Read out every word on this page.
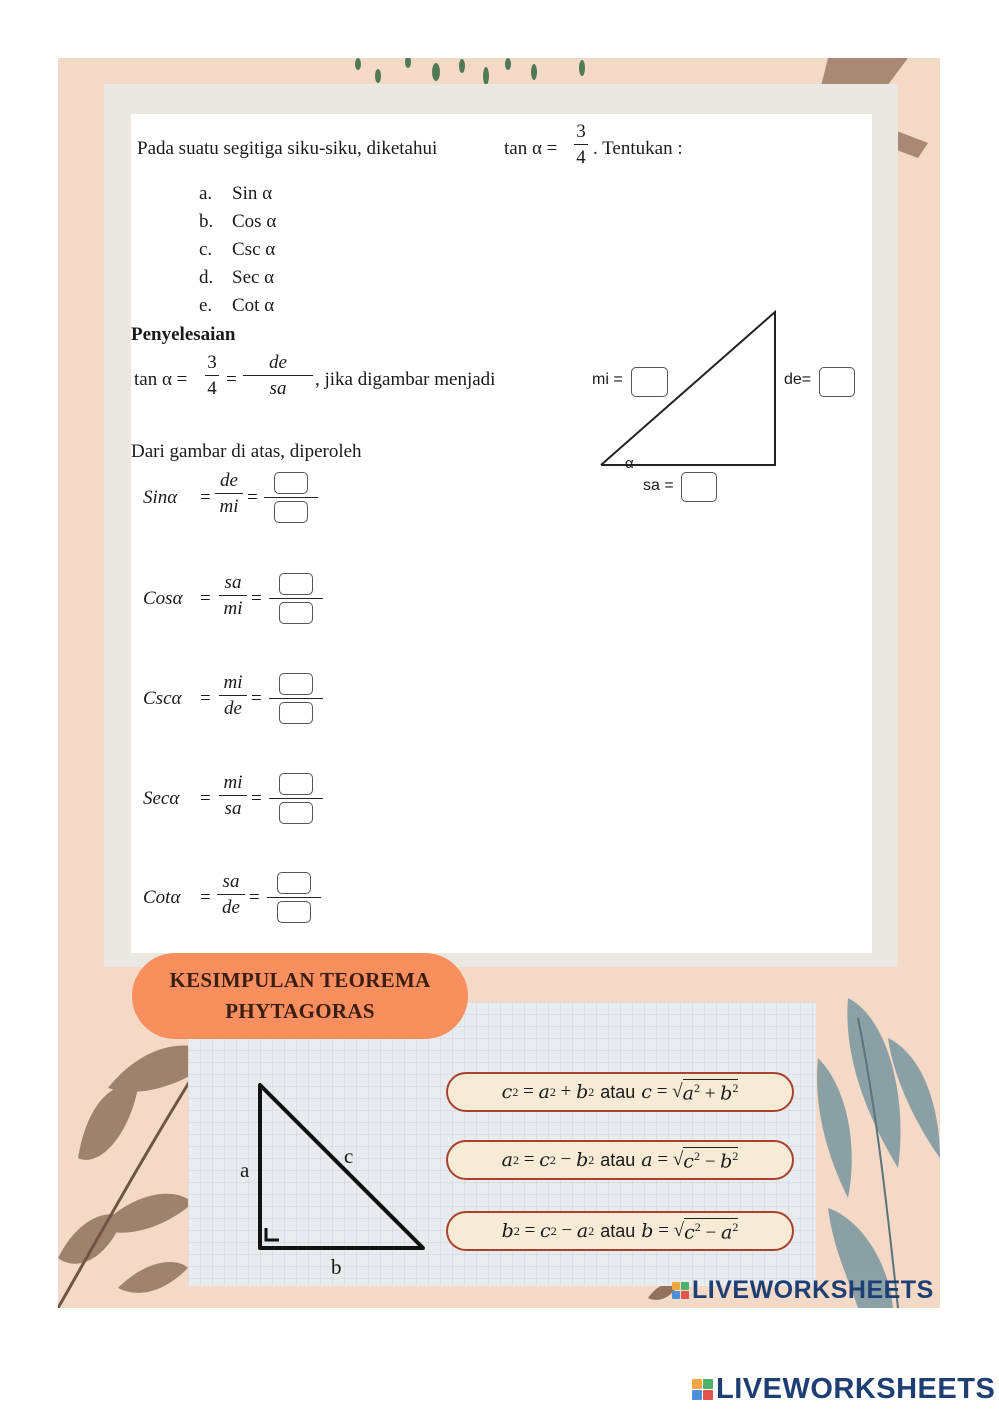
Pada suatu segitiga siku-siku, diketahui	tan α =
3
4 . Tentukan :
a. Sin α
b. Cos α
c. Csc α
d. Sec α
e. Cot α
Penyelesaian
tan α =
3
4 =
de
sa , jika digambar menjadi
Dari gambar di atas, diperoleh
α
mi =	de=
sa =
Sinα =
de
mi =
Cosα =
sa
mi =
Cscα =
mi
de =
Secα =
mi
sa =
Cotα =
sa
de =
KESIMPULAN TEOREMA
PHYTAGORAS
a
c
b
c 2 = a 2
+
b 2 atau c = √ $a^2 + b^2$
a 2 = c 2
−
b 2 atau a = √ $c^2 - b^2$
b 2 = c 2
−
a 2 atau b = √ $c^2 - a^2$
LIVEWORKSHEETS
LIVEWORKSHEETS
